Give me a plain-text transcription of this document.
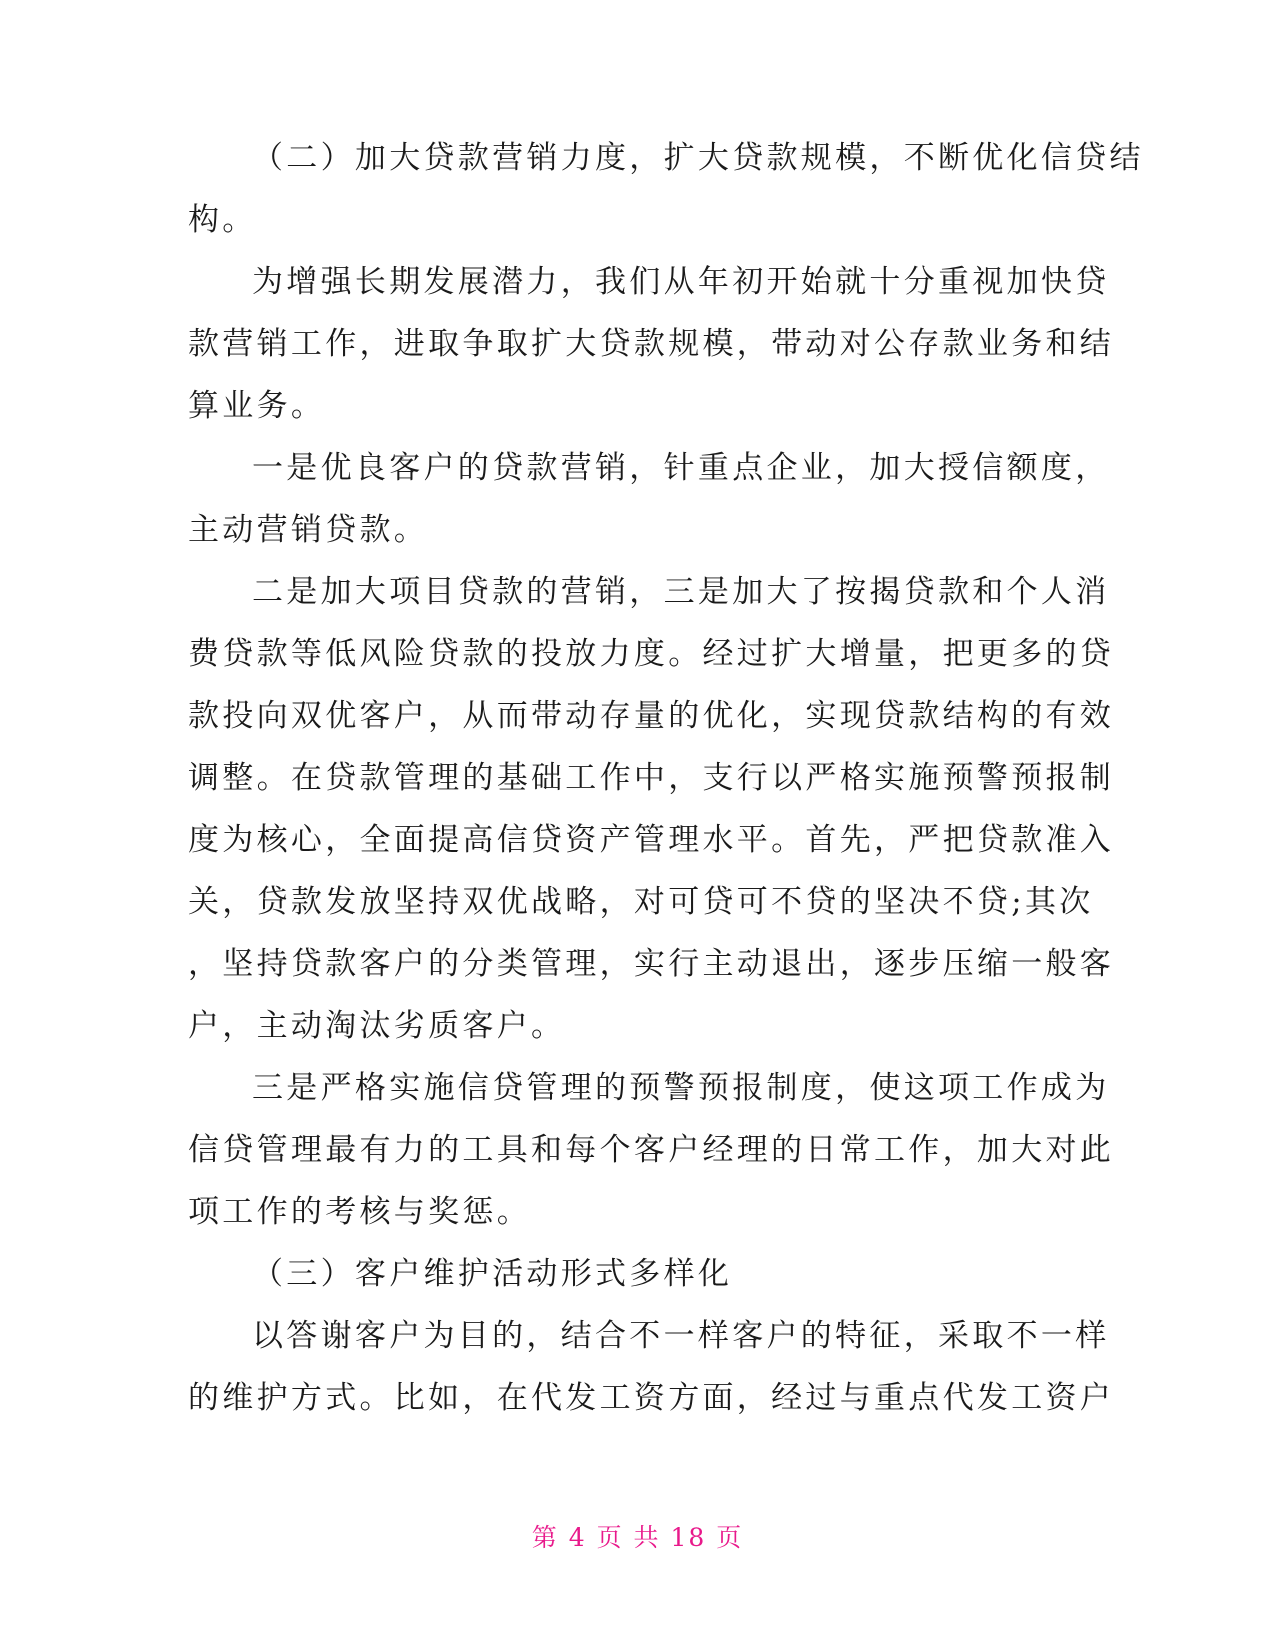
（二）加大贷款营销力度，扩大贷款规模，不断优化信贷结
构。
为增强长期发展潜力，我们从年初开始就十分重视加快贷
款营销工作，进取争取扩大贷款规模，带动对公存款业务和结
算业务。
一是优良客户的贷款营销，针重点企业，加大授信额度，
主动营销贷款。
二是加大项目贷款的营销，三是加大了按揭贷款和个人消
费贷款等低风险贷款的投放力度。经过扩大增量，把更多的贷
款投向双优客户，从而带动存量的优化，实现贷款结构的有效
调整。在贷款管理的基础工作中，支行以严格实施预警预报制
度为核心，全面提高信贷资产管理水平。首先，严把贷款准入
关，贷款发放坚持双优战略，对可贷可不贷的坚决不贷;其次
，坚持贷款客户的分类管理，实行主动退出，逐步压缩一般客
户，主动淘汰劣质客户。
三是严格实施信贷管理的预警预报制度，使这项工作成为
信贷管理最有力的工具和每个客户经理的日常工作，加大对此
项工作的考核与奖惩。
（三）客户维护活动形式多样化
以答谢客户为目的，结合不一样客户的特征，采取不一样
的维护方式。比如，在代发工资方面，经过与重点代发工资户
第 4 页 共 18 页
